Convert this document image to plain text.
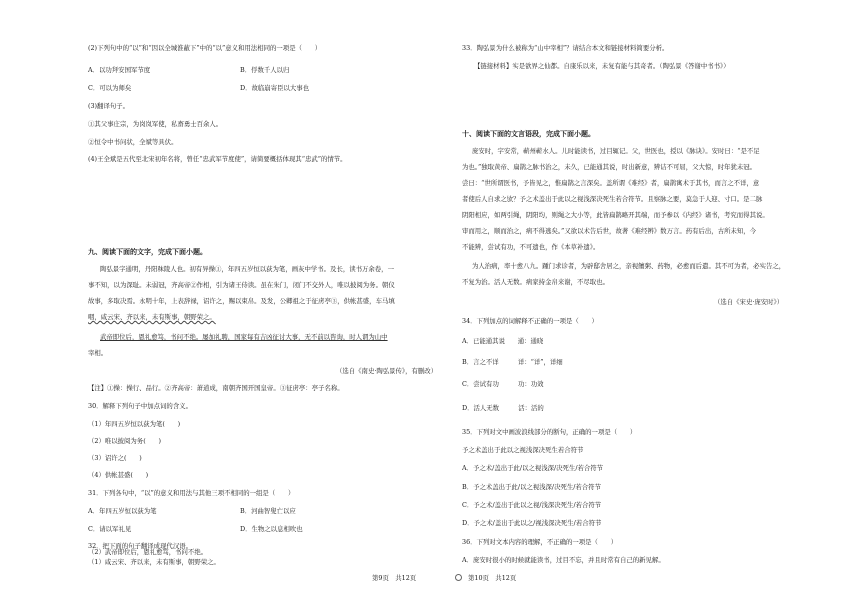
(2)下列句中的“以”和“因以全城淮蔽下”中的“以”意义和用法相同的一项是（　　）
A．以功拜安国军节度	B．俘数千人以归
C．可以为师矣	D．故临崩寄臣以大事也
(3)翻译句子。
①其父事庄宗，为岗岚军使，私畜勇士百余人。
②恒令中书问状，全斌等具伏。
(4)王全斌是五代至北宋初年名将，曾任“忠武军节度使”，请简要概括体现其“忠武”的情节。
九、阅读下面的文字，完成下面小题。
陶弘景字通明，丹阳秣陵人也。初有异操①，年四五岁恒以荻为笔，画灰中学书。及长，读书万余卷，一
事不知，以为深耻。未弱冠，齐高帝②作相，引为诸王侍读。虽在朱门，闭门不交外人，唯以披阅为务。朝仪
故事，多取决焉。永明十年，上表辞禄，诏许之，赐以束帛。及发，公卿祖之于征虏亭③，供帐甚盛，车马填
咽，咸云宋、齐以来，未有斯事，朝野荣之。
武帝即位后，恩礼愈笃，书问不绝。屡加礼聘，国家每有吉凶征讨大事，无不前以咨询，时人谓为山中
宰相。
（选自《南史·陶弘景传》，有删改）
【注】①操：操行、品行。②齐高帝：萧道成，南朝齐国开国皇帝。③征虏亭：亭子名称。
30．解释下列句子中加点词的含义。
（1）年四五岁恒以荻为笔(　　)
（2）唯以披阅为务(　　)
（3）诏许之(　　)
（4）供帐甚盛(　　)
31．下列各句中，“以”的意义和用法与其他三项不相同的一组是（　　）
A．年四五岁恒以荻为笔	B．河曲智叟亡以应
C．请以军礼见	D．生物之以息相吹也
32．把下面的句子翻译成现代汉语。
（1）咸云宋、齐以来，未有斯事，朝野荣之。
（2）武帝即位后，恩礼愈笃，书问不绝。
33．陶弘景为什么被称为“山中宰相”？请结合本文和链接材料简要分析。
【链接材料】实是欲界之仙都。自康乐以来，未复有能与其奇者。（陶弘景《答谢中书书》）
十、阅读下面的文言语段，完成下面小题。
庞安时，字安常，蕲州蕲水人。儿时能读书，过目辄记。父，世医也，授以《脉诀》。安时曰：“是不足
为也。”独取黄帝、扁鹊之脉书治之，未久，已能通其说，时出新意，辨诘不可屈，父大惊，时年犹未冠。
尝曰：“世所谓医书，予皆见之，惟扁鹊之言深矣。盖所谓《难经》者，扁鹊寓术于其书，而言之不详，意
者使后人自求之欤？予之术盖出于此以之视浅深决死生若合符节。且察脉之要，莫急于人迎、寸口。是二脉
阴阳相应，如两引绳，阴阳均，则绳之大小等，此皆扁鹊略开其端，而予参以《内经》诸书，考究而得其说。
审而用之，顺而治之，病不得逃矣。”又欲以术告后世，故著《难经辨》数万言。药有后出，古所未知，今
不能辨，尝试有功，不可遗也，作《本草补遗》。
为人治病，率十愈八九。踵门求诊者，为辟邸舍居之，亲视饘粥、药物，必愈而后遣。其不可为者，必实告之，
不复为治。活人无数。病家持金帛来谢，不尽取也。
（选自《宋史·庞安时》）
34．下列加点的词解释不正确的一项是（　　）
A．已能通其说　　通：通晓
B．言之不详　　　详：“详”，详细
C．尝试有功　　　功：功效
D．活人无数　　　活：活的
35．下列对文中画波浪线部分的断句，正确的一项是（　　）
予之术盖出于此以之视浅深决死生若合符节
A．予之术/盖出于此/以之视浅深/决死生/若合符节
B．予之术盖出于此/以之视浅深/决死生/若合符节
C．予之术/盖出于此以之视/浅深决死生/若合符节
D．予之术/盖出于此以之/视浅深决死生/若合符节
36．下列对文本内容的理解，不正确的一项是（　　）
A．庞安时很小的时候就能读书，过目不忘，并且时常有自己的新见解。
第9页　共12页	第10页　共12页
